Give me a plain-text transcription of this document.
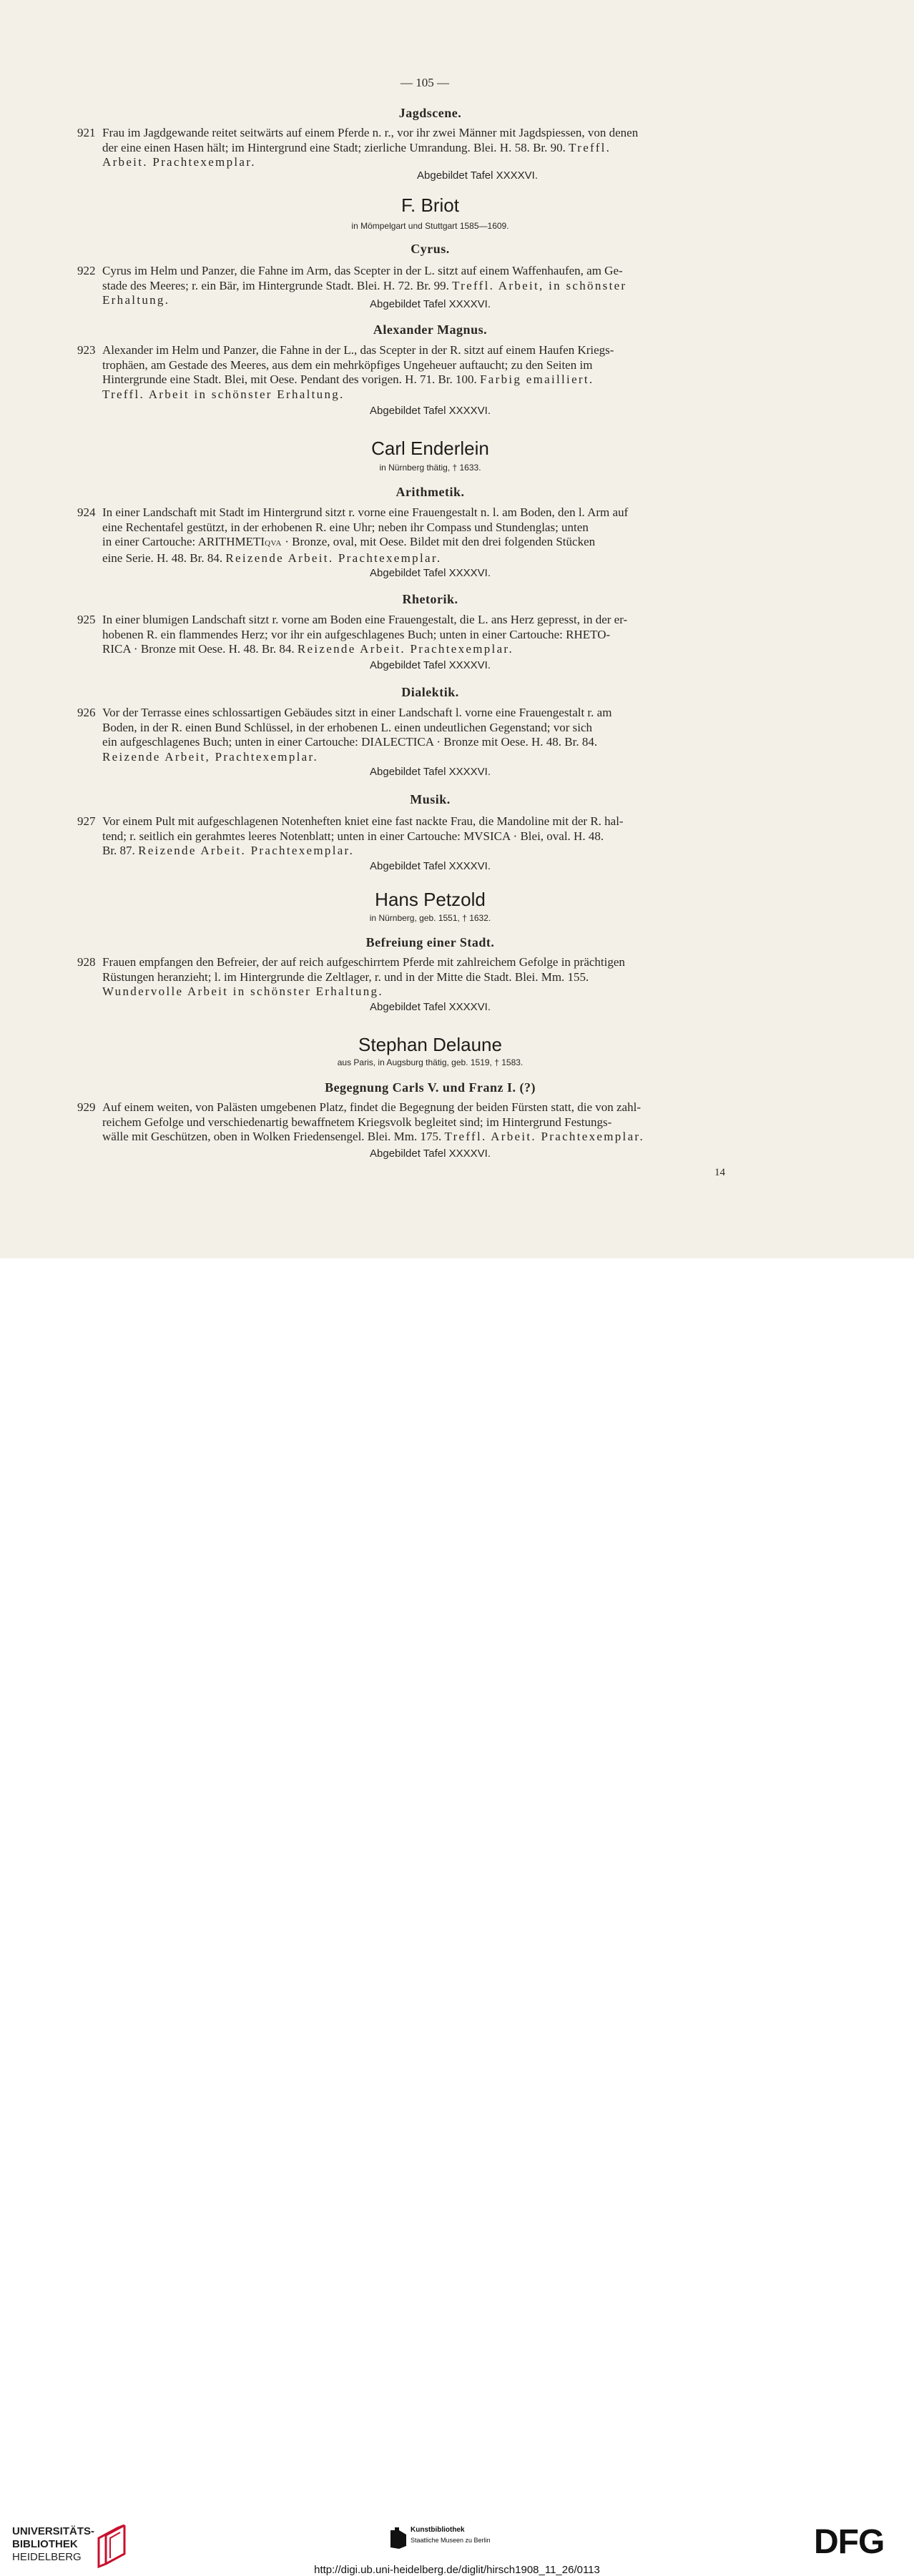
— 105 —
Jagdscene.
921 Frau im Jagdgewande reitet seitwärts auf einem Pferde n. r., vor ihr zwei Männer mit Jagdspiessen, von denen
der eine einen Hasen hält; im Hintergrund eine Stadt; zierliche Umrandung. Blei. H. 58. Br. 90. Treffl.
Arbeit. Prachtexemplar.
Abgebildet Tafel XXXXVI.
F. Briot
in Mömpelgart und Stuttgart 1585—1609.
Cyrus.
922 Cyrus im Helm und Panzer, die Fahne im Arm, das Scepter in der L. sitzt auf einem Waffenhaufen, am Ge-
stade des Meeres; r. ein Bär, im Hintergrunde Stadt. Blei. H. 72. Br. 99. Treffl. Arbeit, in schönster
Erhaltung.	Abgebildet Tafel XXXXVI.
Alexander Magnus.
923 Alexander im Helm und Panzer, die Fahne in der L., das Scepter in der R. sitzt auf einem Haufen Kriegs-
trophäen, am Gestade des Meeres, aus dem ein mehrköpfiges Ungeheuer auftaucht; zu den Seiten im
Hintergrunde eine Stadt. Blei, mit Oese. Pendant des vorigen. H. 71. Br. 100. Farbig emailliert.
Treffl. Arbeit in schönster Erhaltung.
Abgebildet Tafel XXXXVI.
Carl Enderlein
in Nürnberg thätig, † 1633.
Arithmetik.
924 In einer Landschaft mit Stadt im Hintergrund sitzt r. vorne eine Frauengestalt n. l. am Boden, den l. Arm auf
eine Rechentafel gestützt, in der erhobenen R. eine Uhr; neben ihr Compass und Stundenglas; unten
in einer Cartouche: ARITHMETIQVA · Bronze, oval, mit Oese. Bildet mit den drei folgenden Stücken
eine Serie. H. 48. Br. 84. Reizende Arbeit. Prachtexemplar.
Abgebildet Tafel XXXXVI.
Rhetorik.
925 In einer blumigen Landschaft sitzt r. vorne am Boden eine Frauengestalt, die L. ans Herz gepresst, in der er-
hobenen R. ein flammendes Herz; vor ihr ein aufgeschlagenes Buch; unten in einer Cartouche: RHETO-
RICA · Bronze mit Oese. H. 48. Br. 84. Reizende Arbeit. Prachtexemplar.
Abgebildet Tafel XXXXVI.
Dialektik.
926 Vor der Terrasse eines schlossartigen Gebäudes sitzt in einer Landschaft l. vorne eine Frauengestalt r. am
Boden, in der R. einen Bund Schlüssel, in der erhobenen L. einen undeutlichen Gegenstand; vor sich
ein aufgeschlagenes Buch; unten in einer Cartouche: DIALECTICA · Bronze mit Oese. H. 48. Br. 84.
Reizende Arbeit, Prachtexemplar.
Abgebildet Tafel XXXXVI.
Musik.
927 Vor einem Pult mit aufgeschlagenen Notenheften kniet eine fast nackte Frau, die Mandoline mit der R. hal-
tend; r. seitlich ein gerahmtes leeres Notenblatt; unten in einer Cartouche: MVSICA · Blei, oval. H. 48.
Br. 87. Reizende Arbeit. Prachtexemplar.
Abgebildet Tafel XXXXVI.
Hans Petzold
in Nürnberg, geb. 1551, † 1632.
Befreiung einer Stadt.
928 Frauen empfangen den Befreier, der auf reich aufgeschirrtem Pferde mit zahlreichem Gefolge in prächtigen
Rüstungen heranzieht; l. im Hintergrunde die Zeltlager, r. und in der Mitte die Stadt. Blei. Mm. 155.
Wundervolle Arbeit in schönster Erhaltung.
Abgebildet Tafel XXXXVI.
Stephan Delaune
aus Paris, in Augsburg thätig, geb. 1519, † 1583.
Begegnung Carls V. und Franz I. (?)
929 Auf einem weiten, von Palästen umgebenen Platz, findet die Begegnung der beiden Fürsten statt, die von zahl-
reichem Gefolge und verschiedenartig bewaffnetem Kriegsvolk begleitet sind; im Hintergrund Festungs-
wälle mit Geschützen, oben in Wolken Friedensengel. Blei. Mm. 175. Treffl. Arbeit. Prachtexemplar.
Abgebildet Tafel XXXXVI.
14
UNIVERSITÄTS-
BIBLIOTHEK
HEIDELBERG
Kunstbibliothek
Staatliche Museen zu Berlin	DFG
http://digi.ub.uni-heidelberg.de/diglit/hirsch1908_11_26/0113
